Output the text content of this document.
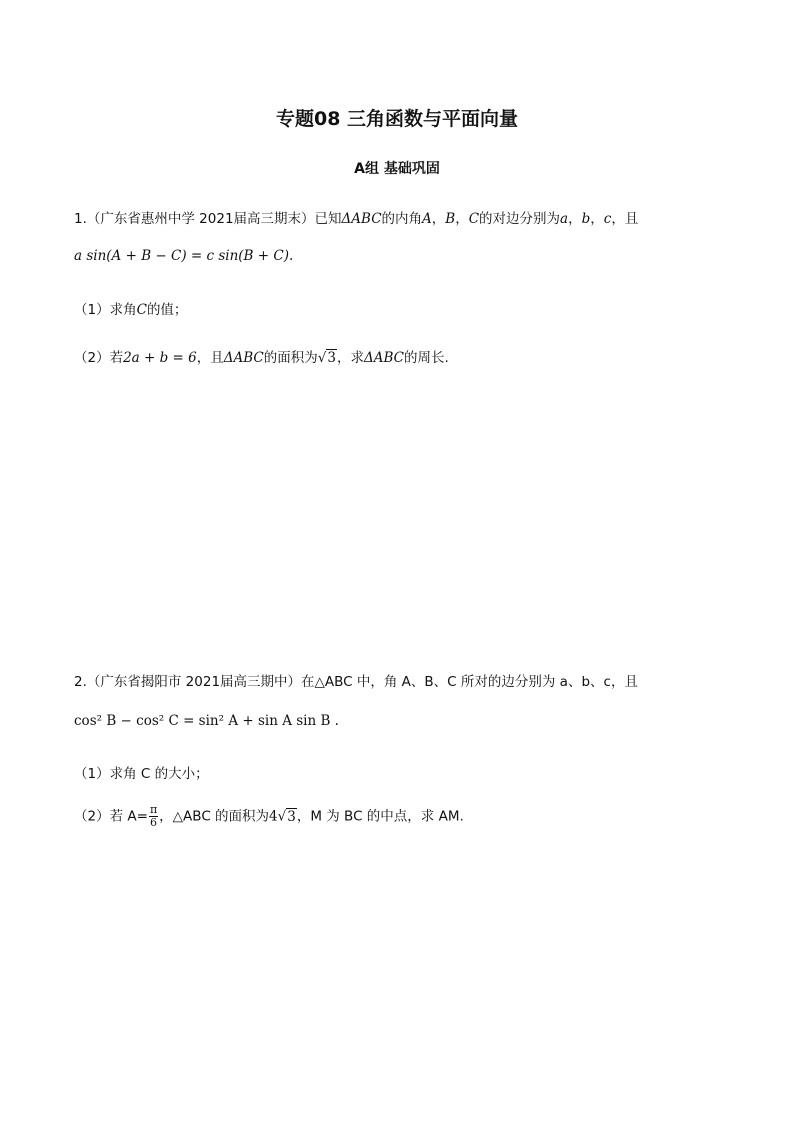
专题08 三角函数与平面向量
A组 基础巩固
1.（广东省惠州中学 2021届高三期末）已知ΔABC的内角A，B，C的对边分别为a，b，c，且
a sin(A + B − C) = c sin(B + C).
（1）求角C的值；
（2）若2a + b = 6，且ΔABC的面积为√3，求ΔABC的周长.
2.（广东省揭阳市 2021届高三期中）在△ABC 中，角 A、B、C 所对的边分别为 a、b、c，且
cos² B − cos² C = sin² A + sin A sin B .
（1）求角 C 的大小；
（2）若 $A= \frac{\pi}{6}$ ，△ABC 的面积为4√3，M 为 BC 的中点，求 AM.
